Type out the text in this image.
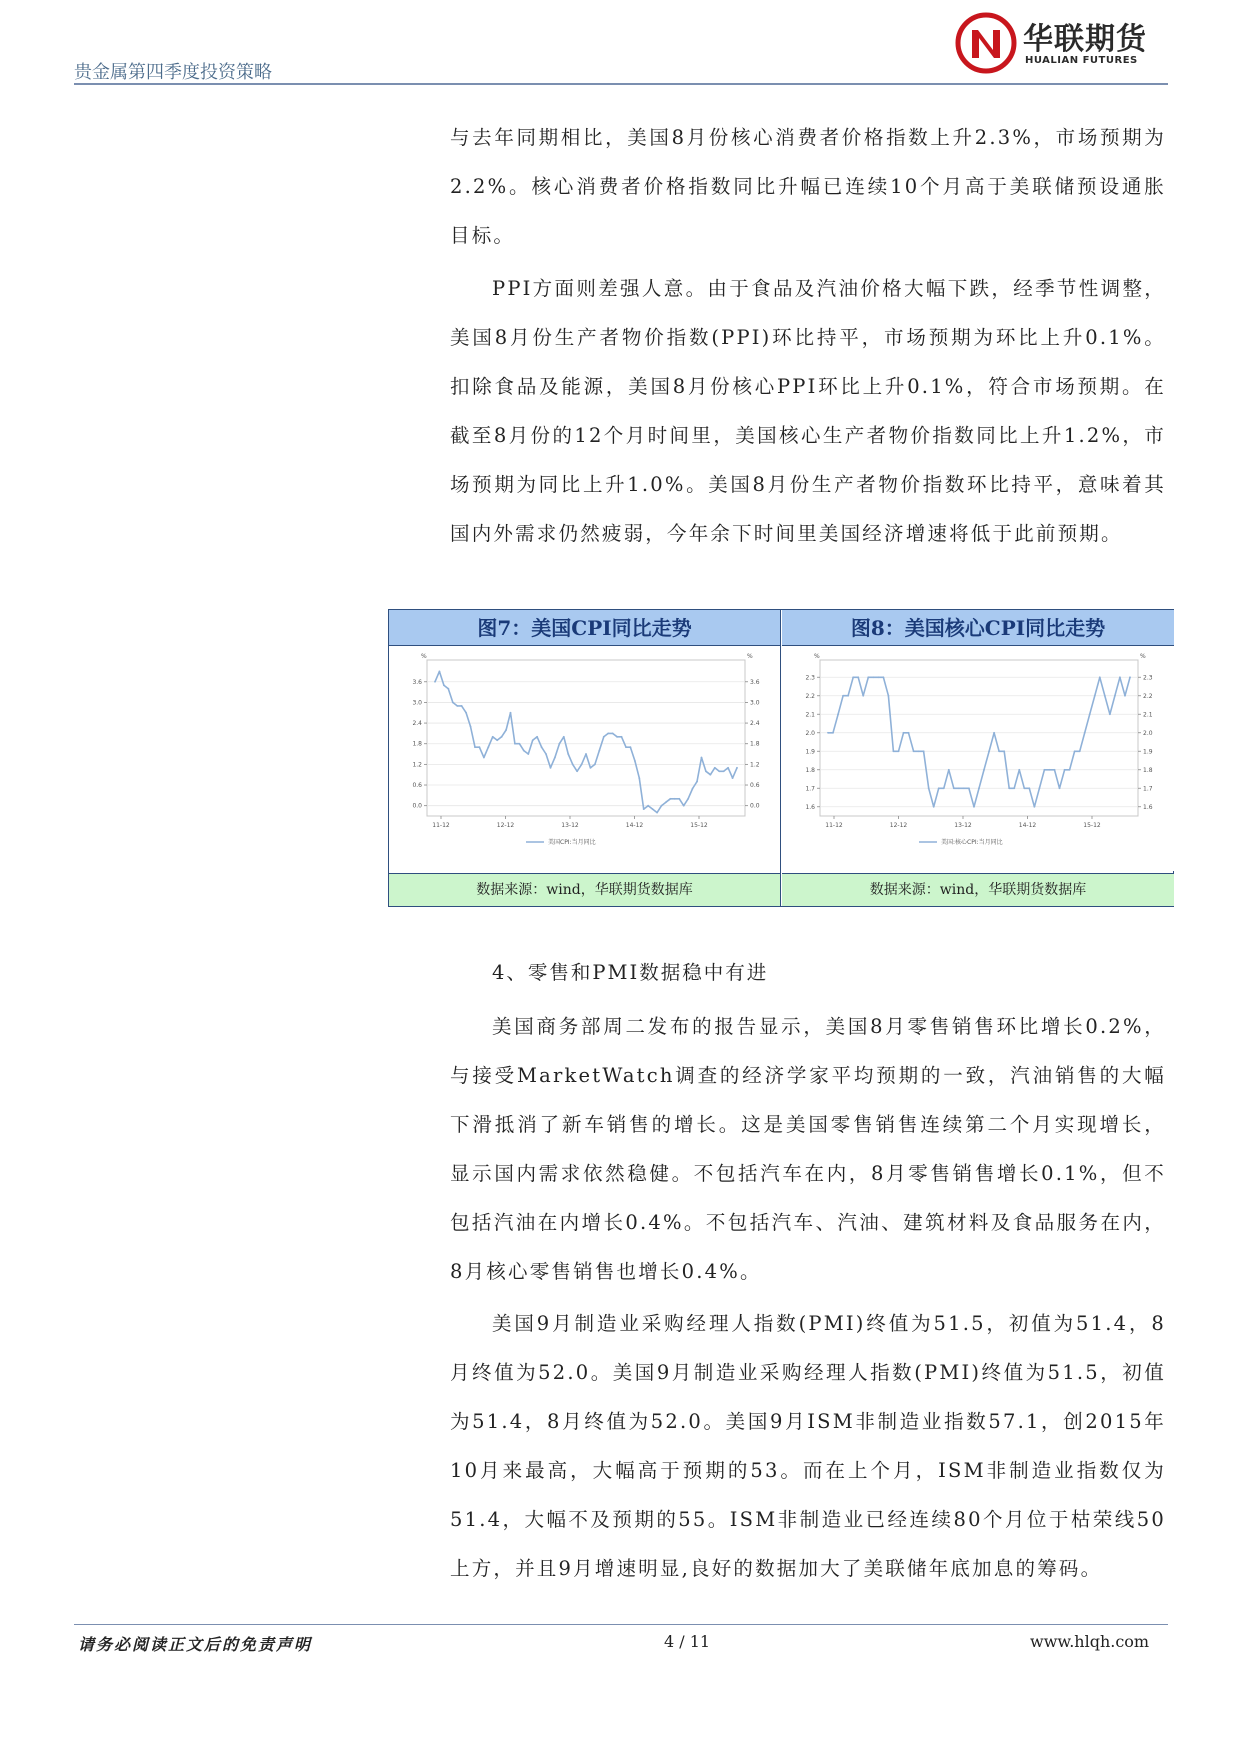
贵金属第四季度投资策略
华联期货
HUALIAN FUTURES
与去年同期相比，美国8月份核心消费者价格指数上升2.3%，市场预期为2.2%。核心消费者价格指数同比升幅已连续10个月高于美联储预设通胀目标。
PPI方面则差强人意。由于食品及汽油价格大幅下跌，经季节性调整，美国8月份生产者物价指数(PPI)环比持平，市场预期为环比上升0.1%。扣除食品及能源，美国8月份核心PPI环比上升0.1%，符合市场预期。在截至8月份的12个月时间里，美国核心生产者物价指数同比上升1.2%，市场预期为同比上升1.0%。美国8月份生产者物价指数环比持平，意味着其国内外需求仍然疲弱，今年余下时间里美国经济增速将低于此前预期。
图7：美国CPI同比走势
%	%
0.0	0.0
0.6	0.6
1.2	1.2
1.8	1.8
2.4	2.4
3.0	3.0
3.6	3.6
11-12	12-12	13-12	14-12	15-12
美国CPI:当月同比
数据来源：wind，华联期货数据库
图8：美国核心CPI同比走势
%	%
1.6	1.6
1.7	1.7
1.8	1.8
1.9	1.9
2.0	2.0
2.1	2.1
2.2	2.2
2.3	2.3
11-12	12-12	13-12	14-12	15-12
美国:核心CPI:当月同比
数据来源：wind，华联期货数据库
4、零售和PMI数据稳中有进
美国商务部周二发布的报告显示，美国8月零售销售环比增长0.2%，与接受MarketWatch调查的经济学家平均预期的一致，汽油销售的大幅下滑抵消了新车销售的增长。这是美国零售销售连续第二个月实现增长，显示国内需求依然稳健。不包括汽车在内，8月零售销售增长0.1%，但不包括汽油在内增长0.4%。不包括汽车、汽油、建筑材料及食品服务在内，8月核心零售销售也增长0.4%。
美国9月制造业采购经理人指数(PMI)终值为51.5，初值为51.4，8月终值为52.0。美国9月制造业采购经理人指数(PMI)终值为51.5，初值为51.4，8月终值为52.0。美国9月ISM非制造业指数57.1，创2015年10月来最高，大幅高于预期的53。而在上个月，ISM非制造业指数仅为51.4，大幅不及预期的55。ISM非制造业已经连续80个月位于枯荣线50上方，并且9月增速明显,良好的数据加大了美联储年底加息的筹码。
请务必阅读正文后的免责声明	4 / 11	www.hlqh.com
